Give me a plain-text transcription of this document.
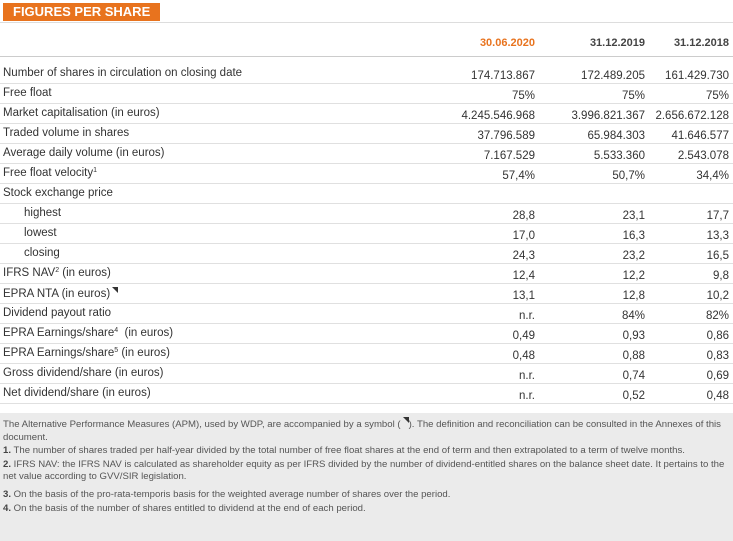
FIGURES PER SHARE
30.06.2020	31.12.2019	31.12.2018
Number of shares in circulation on closing date	174.713.867	172.489.205 161.429.730
Free float	75%	75%	75%
Market capitalisation (in euros)	4.245.546.968	3.996.821.367 2.656.672.128
Traded volume in shares	37.796.589	65.984.303 41.646.577
Average daily volume (in euros)	7.167.529	5.533.360	2.543.078
Free float velocity$^1$	57,4%	50,7%	34,4%
Stock exchange price
highest	28,8	23,1	17,7
lowest	17,0	16,3	13,3
closing	24,3	23,2	16,5
IFRS NAV$^2$ (in euros)	12,4	12,2	9,8
EPRA NTA (in euros)	13,1	12,8	10,2
Dividend payout ratio	n.r.	84%	82%
EPRA Earnings/share$^4$  (in euros)	0,49	0,93	0,86
EPRA Earnings/share$^5$ (in euros)	0,48	0,88	0,83
Gross dividend/share (in euros)	n.r.	0,74	0,69
Net dividend/share (in euros)	n.r.	0,52	0,48

The Alternative Performance Measures (APM), used by WDP, are accompanied by a symbol ( ). The definition and reconciliation can be consulted in the Annexes of this document.

1. The number of shares traded per half-year divided by the total number of free float shares at the end of term and then extrapolated to a term of twelve months.

2. IFRS NAV: the IFRS NAV is calculated as shareholder equity as per IFRS divided by the number of dividend-entitled shares on the balance sheet date. It pertains to the net value according to GVV/SIR legislation.

3. On the basis of the pro-rata-temporis basis for the weighted average number of shares over the period.

4. On the basis of the number of shares entitled to dividend at the end of each period.
